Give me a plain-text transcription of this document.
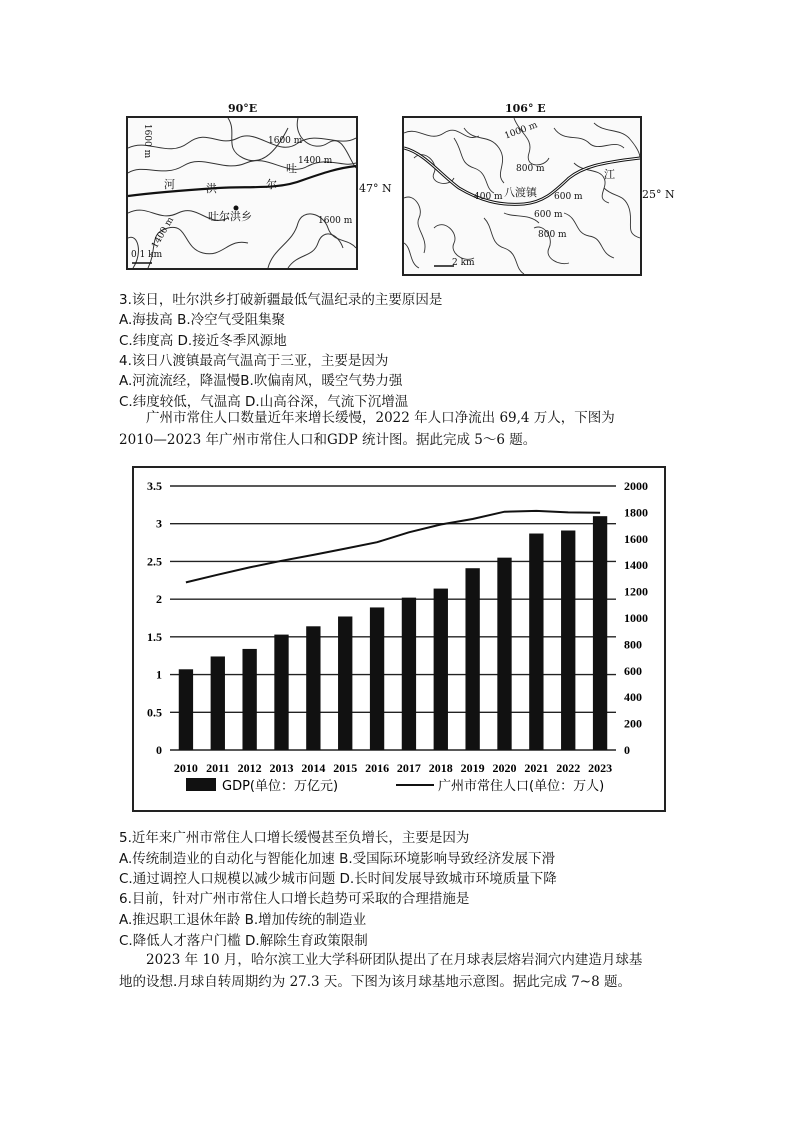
90°E
河	洪	尔
吐
吐尔洪乡
1600 m
1400 m
1600 m
1400 m
1600 m
0 1 km
47° N
106° E
八渡镇
江
1000 m
800 m
600 m
400 m	600 m
800 m
2 km
25° N
3.该日，吐尔洪乡打破新疆最低气温纪录的主要原因是
A.海拔高 B.冷空气受阻集聚
C.纬度高 D.接近冬季风源地
4.该日八渡镇最高气温高于三亚，主要是因为
A.河流流经，降温慢B.吹偏南风，暖空气势力强
C.纬度较低，气温高 D.山高谷深，气流下沉增温
广州市常住人口数量近年来增长缓慢，2022 年人口净流出 69,4 万人，下图为
2010—2023 年广州市常住人口和GDP 统计图。据此完成 5～6 题。
0
0.5
1
1.5
2
2.5
3
3.5
0
200
400
600
800
1000
1200
1400
1600
1800
2000
2010 2011 2012 2013 2014 2015 2016 2017 2018 2019 2020 2021 2022 2023
GDP(单位：万亿元)	广州市常住人口(单位：万人)
5.近年来广州市常住人口增长缓慢甚至负增长，主要是因为
A.传统制造业的自动化与智能化加速 B.受国际环境影响导致经济发展下滑
C.通过调控人口规模以减少城市问题 D.长时间发展导致城市环境质量下降
6.目前，针对广州市常住人口增长趋势可采取的合理措施是
A.推迟职工退休年龄 B.增加传统的制造业
C.降低人才落户门槛 D.解除生育政策限制
2023 年 10 月，哈尔滨工业大学科研团队提出了在月球表层熔岩洞穴内建造月球基
地的设想.月球自转周期约为 27.3 天。下图为该月球基地示意图。据此完成 7~8 题。
